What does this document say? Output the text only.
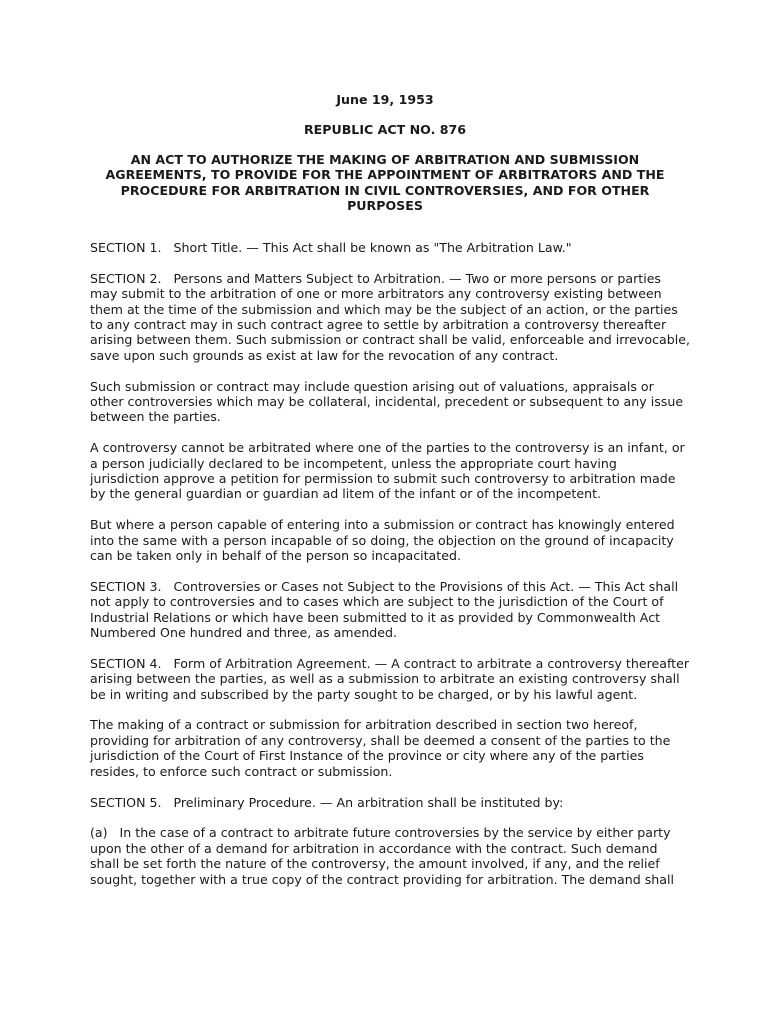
June 19, 1953
REPUBLIC ACT NO. 876
AN ACT TO AUTHORIZE THE MAKING OF ARBITRATION AND SUBMISSION AGREEMENTS, TO PROVIDE FOR THE APPOINTMENT OF ARBITRATORS AND THE PROCEDURE FOR ARBITRATION IN CIVIL CONTROVERSIES, AND FOR OTHER PURPOSES

SECTION 1.   Short Title. — This Act shall be known as "The Arbitration Law."

SECTION 2.   Persons and Matters Subject to Arbitration. — Two or more persons or parties may submit to the arbitration of one or more arbitrators any controversy existing between them at the time of the submission and which may be the subject of an action, or the parties to any contract may in such contract agree to settle by arbitration a controversy thereafter arising between them. Such submission or contract shall be valid, enforceable and irrevocable, save upon such grounds as exist at law for the revocation of any contract.

Such submission or contract may include question arising out of valuations, appraisals or other controversies which may be collateral, incidental, precedent or subsequent to any issue between the parties.

A controversy cannot be arbitrated where one of the parties to the controversy is an infant, or a person judicially declared to be incompetent, unless the appropriate court having jurisdiction approve a petition for permission to submit such controversy to arbitration made by the general guardian or guardian ad litem of the infant or of the incompetent.

But where a person capable of entering into a submission or contract has knowingly entered into the same with a person incapable of so doing, the objection on the ground of incapacity can be taken only in behalf of the person so incapacitated.

SECTION 3.   Controversies or Cases not Subject to the Provisions of this Act. — This Act shall not apply to controversies and to cases which are subject to the jurisdiction of the Court of Industrial Relations or which have been submitted to it as provided by Commonwealth Act Numbered One hundred and three, as amended.

SECTION 4.   Form of Arbitration Agreement. — A contract to arbitrate a controversy thereafter arising between the parties, as well as a submission to arbitrate an existing controversy shall be in writing and subscribed by the party sought to be charged, or by his lawful agent.

The making of a contract or submission for arbitration described in section two hereof, providing for arbitration of any controversy, shall be deemed a consent of the parties to the jurisdiction of the Court of First Instance of the province or city where any of the parties resides, to enforce such contract or submission.

SECTION 5.   Preliminary Procedure. — An arbitration shall be instituted by:

(a)   In the case of a contract to arbitrate future controversies by the service by either party upon the other of a demand for arbitration in accordance with the contract. Such demand shall be set forth the nature of the controversy, the amount involved, if any, and the relief sought, together with a true copy of the contract providing for arbitration. The demand shall
